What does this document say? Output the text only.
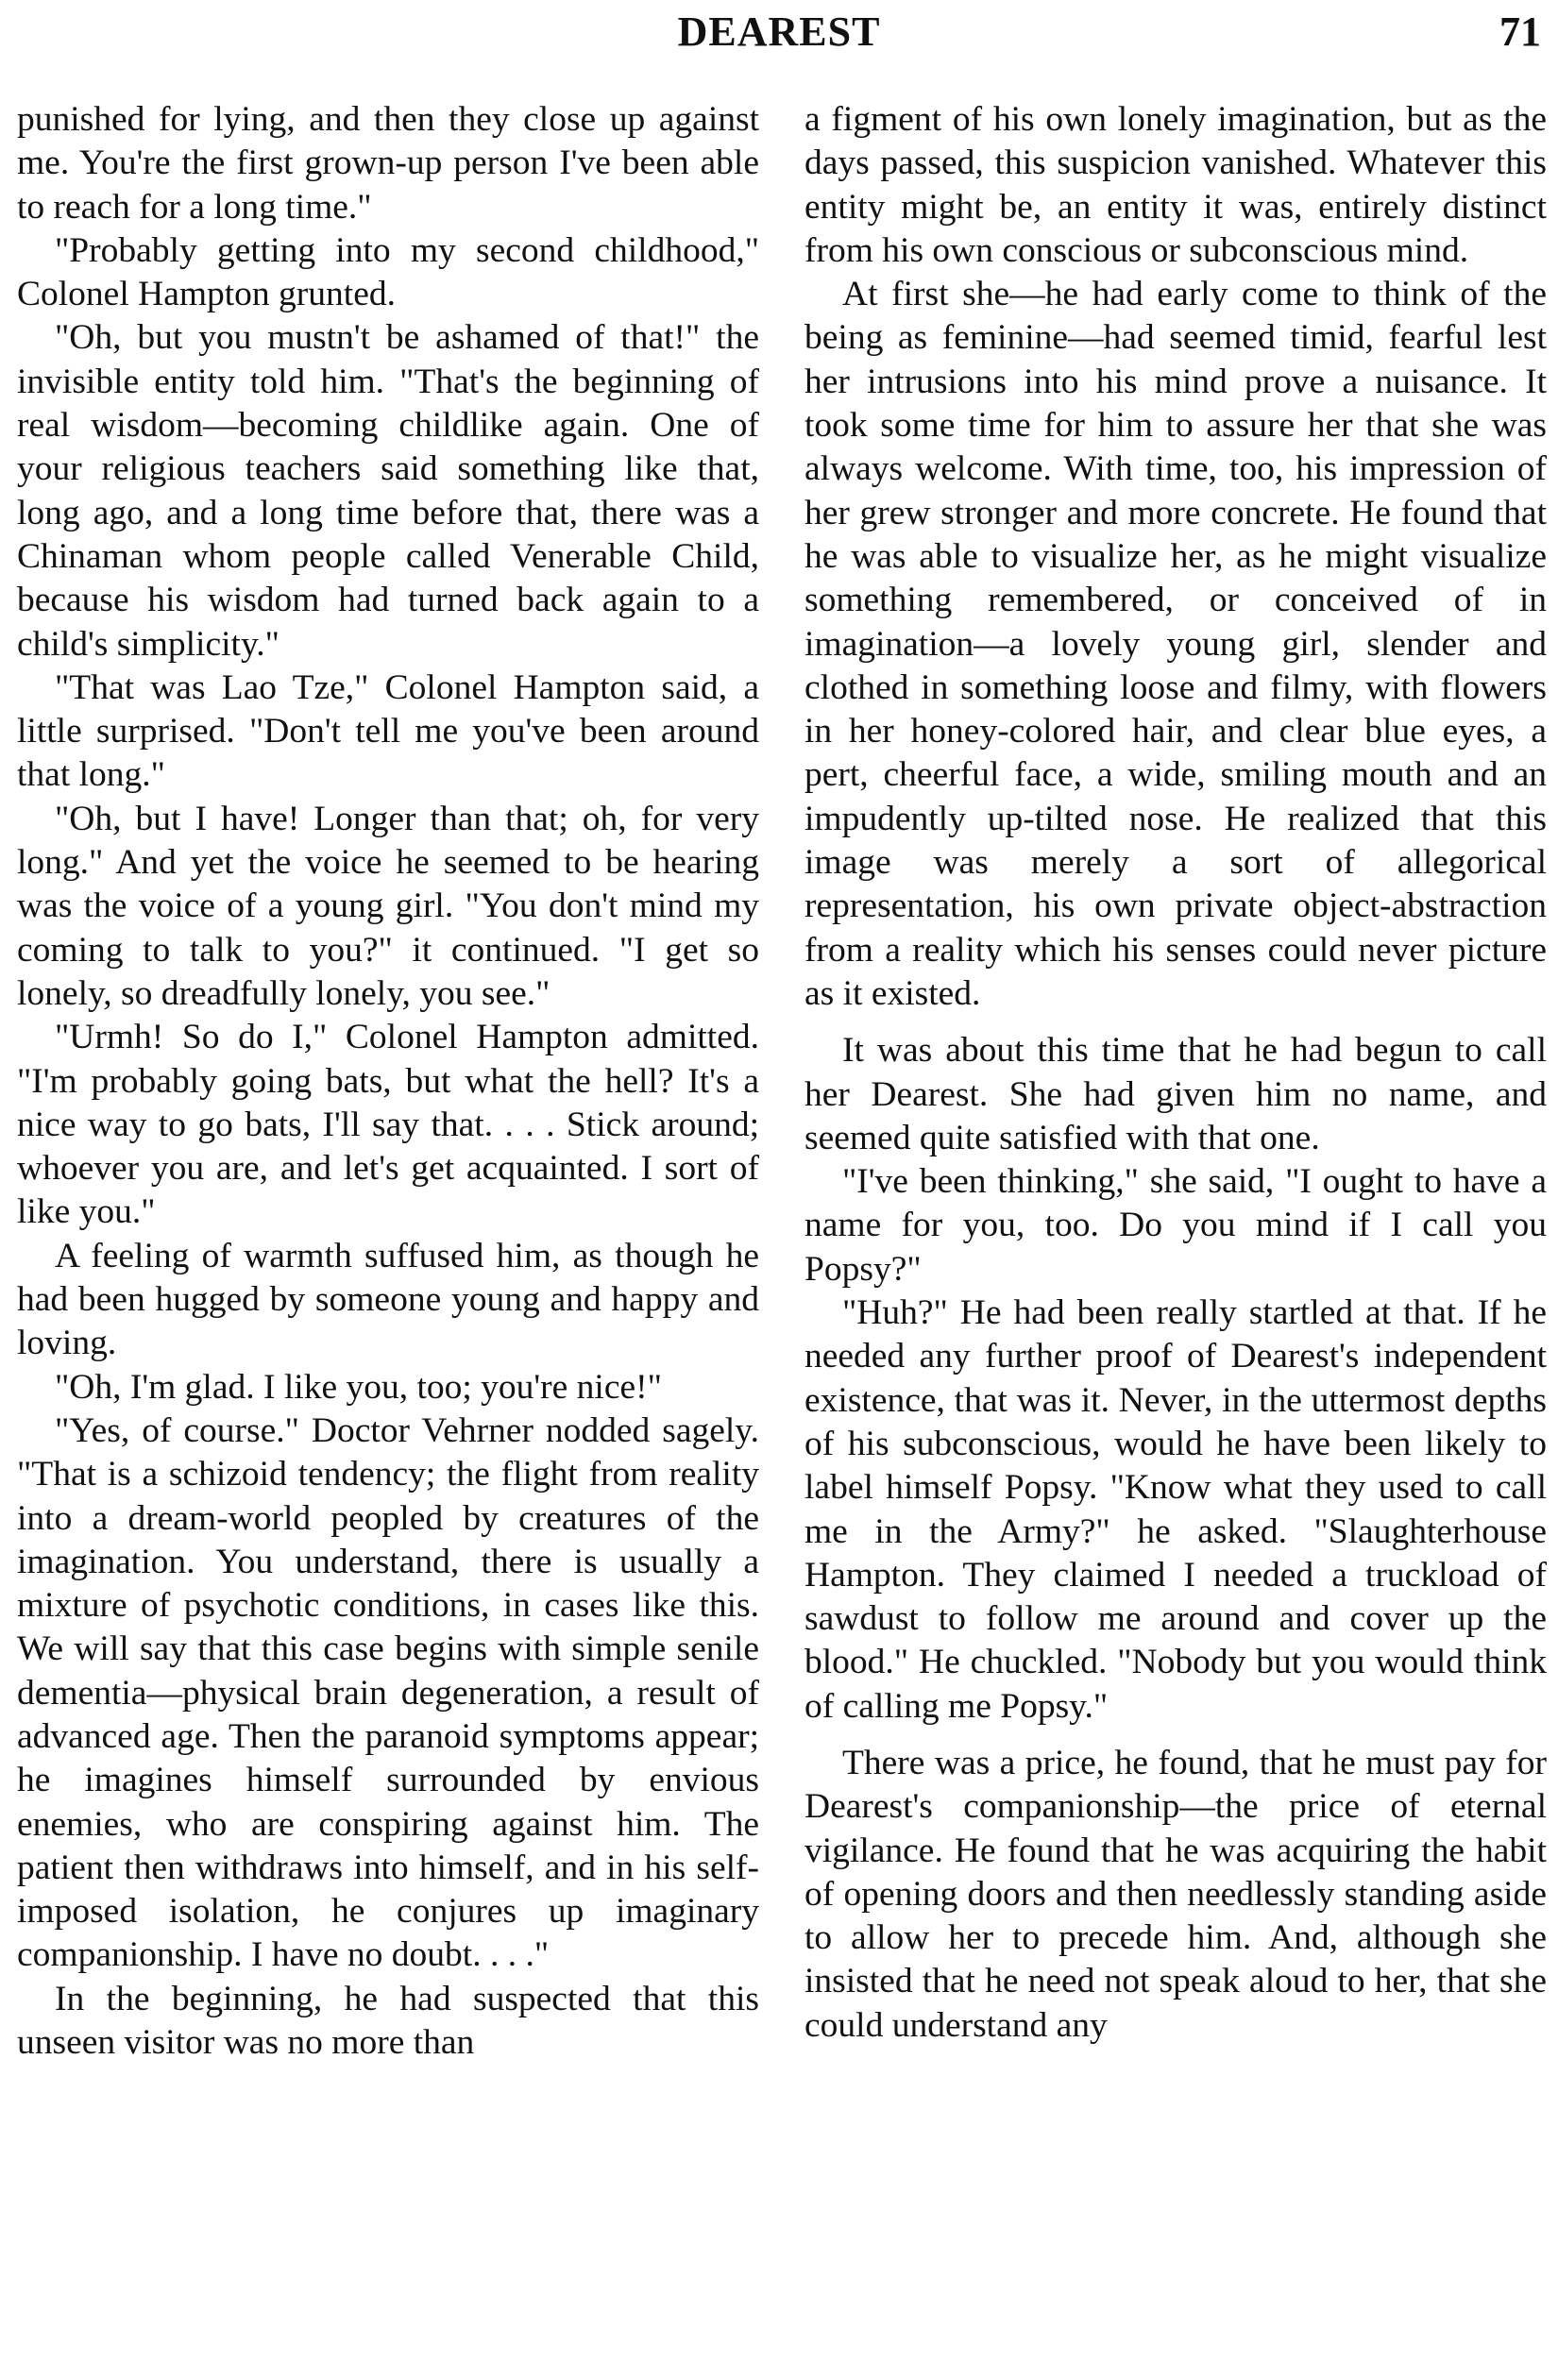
DEAREST	71

punished for lying, and then they close up against me. You're the first grown-up person I've been able to reach for a long time."

"Probably getting into my second childhood," Colonel Hampton grunted.

"Oh, but you mustn't be ashamed of that!" the invisible entity told him. "That's the beginning of real wisdom—becoming childlike again. One of your religious teachers said something like that, long ago, and a long time before that, there was a Chinaman whom people called Venerable Child, because his wisdom had turned back again to a child's simplicity."

"That was Lao Tze," Colonel Hampton said, a little surprised. "Don't tell me you've been around that long."

"Oh, but I have! Longer than that; oh, for very long." And yet the voice he seemed to be hearing was the voice of a young girl. "You don't mind my coming to talk to you?" it continued. "I get so lonely, so dreadfully lonely, you see."

"Urmh! So do I," Colonel Hampton admitted. "I'm probably going bats, but what the hell? It's a nice way to go bats, I'll say that. . . . Stick around; whoever you are, and let's get acquainted. I sort of like you."

A feeling of warmth suffused him, as though he had been hugged by someone young and happy and loving.

"Oh, I'm glad. I like you, too; you're nice!"

"Yes, of course." Doctor Vehrner nodded sagely. "That is a schizoid tendency; the flight from reality into a dream-world peopled by creatures of the imagination. You understand, there is usually a mixture of psychotic conditions, in cases like this. We will say that this case begins with simple senile dementia—physical brain degeneration, a result of advanced age. Then the paranoid symptoms appear; he imagines himself surrounded by envious enemies, who are conspiring against him. The patient then withdraws into himself, and in his self-imposed isolation, he conjures up imaginary companionship. I have no doubt. . . ."

In the beginning, he had suspected that this unseen visitor was no more than

a figment of his own lonely imagination, but as the days passed, this suspicion vanished. Whatever this entity might be, an entity it was, entirely distinct from his own conscious or subconscious mind.

At first she—he had early come to think of the being as feminine—had seemed timid, fearful lest her intrusions into his mind prove a nuisance. It took some time for him to assure her that she was always welcome. With time, too, his impression of her grew stronger and more concrete. He found that he was able to visualize her, as he might visualize something remembered, or conceived of in imagination—a lovely young girl, slender and clothed in something loose and filmy, with flowers in her honey-colored hair, and clear blue eyes, a pert, cheerful face, a wide, smiling mouth and an impudently up-tilted nose. He realized that this image was merely a sort of allegorical representation, his own private object-abstraction from a reality which his senses could never picture as it existed.

It was about this time that he had begun to call her Dearest. She had given him no name, and seemed quite satisfied with that one.

"I've been thinking," she said, "I ought to have a name for you, too. Do you mind if I call you Popsy?"

"Huh?" He had been really startled at that. If he needed any further proof of Dearest's independent existence, that was it. Never, in the uttermost depths of his subconscious, would he have been likely to label himself Popsy. "Know what they used to call me in the Army?" he asked. "Slaughterhouse Hampton. They claimed I needed a truckload of sawdust to follow me around and cover up the blood." He chuckled. "Nobody but you would think of calling me Popsy."

There was a price, he found, that he must pay for Dearest's companionship—the price of eternal vigilance. He found that he was acquiring the habit of opening doors and then needlessly standing aside to allow her to precede him. And, although she insisted that he need not speak aloud to her, that she could understand any
